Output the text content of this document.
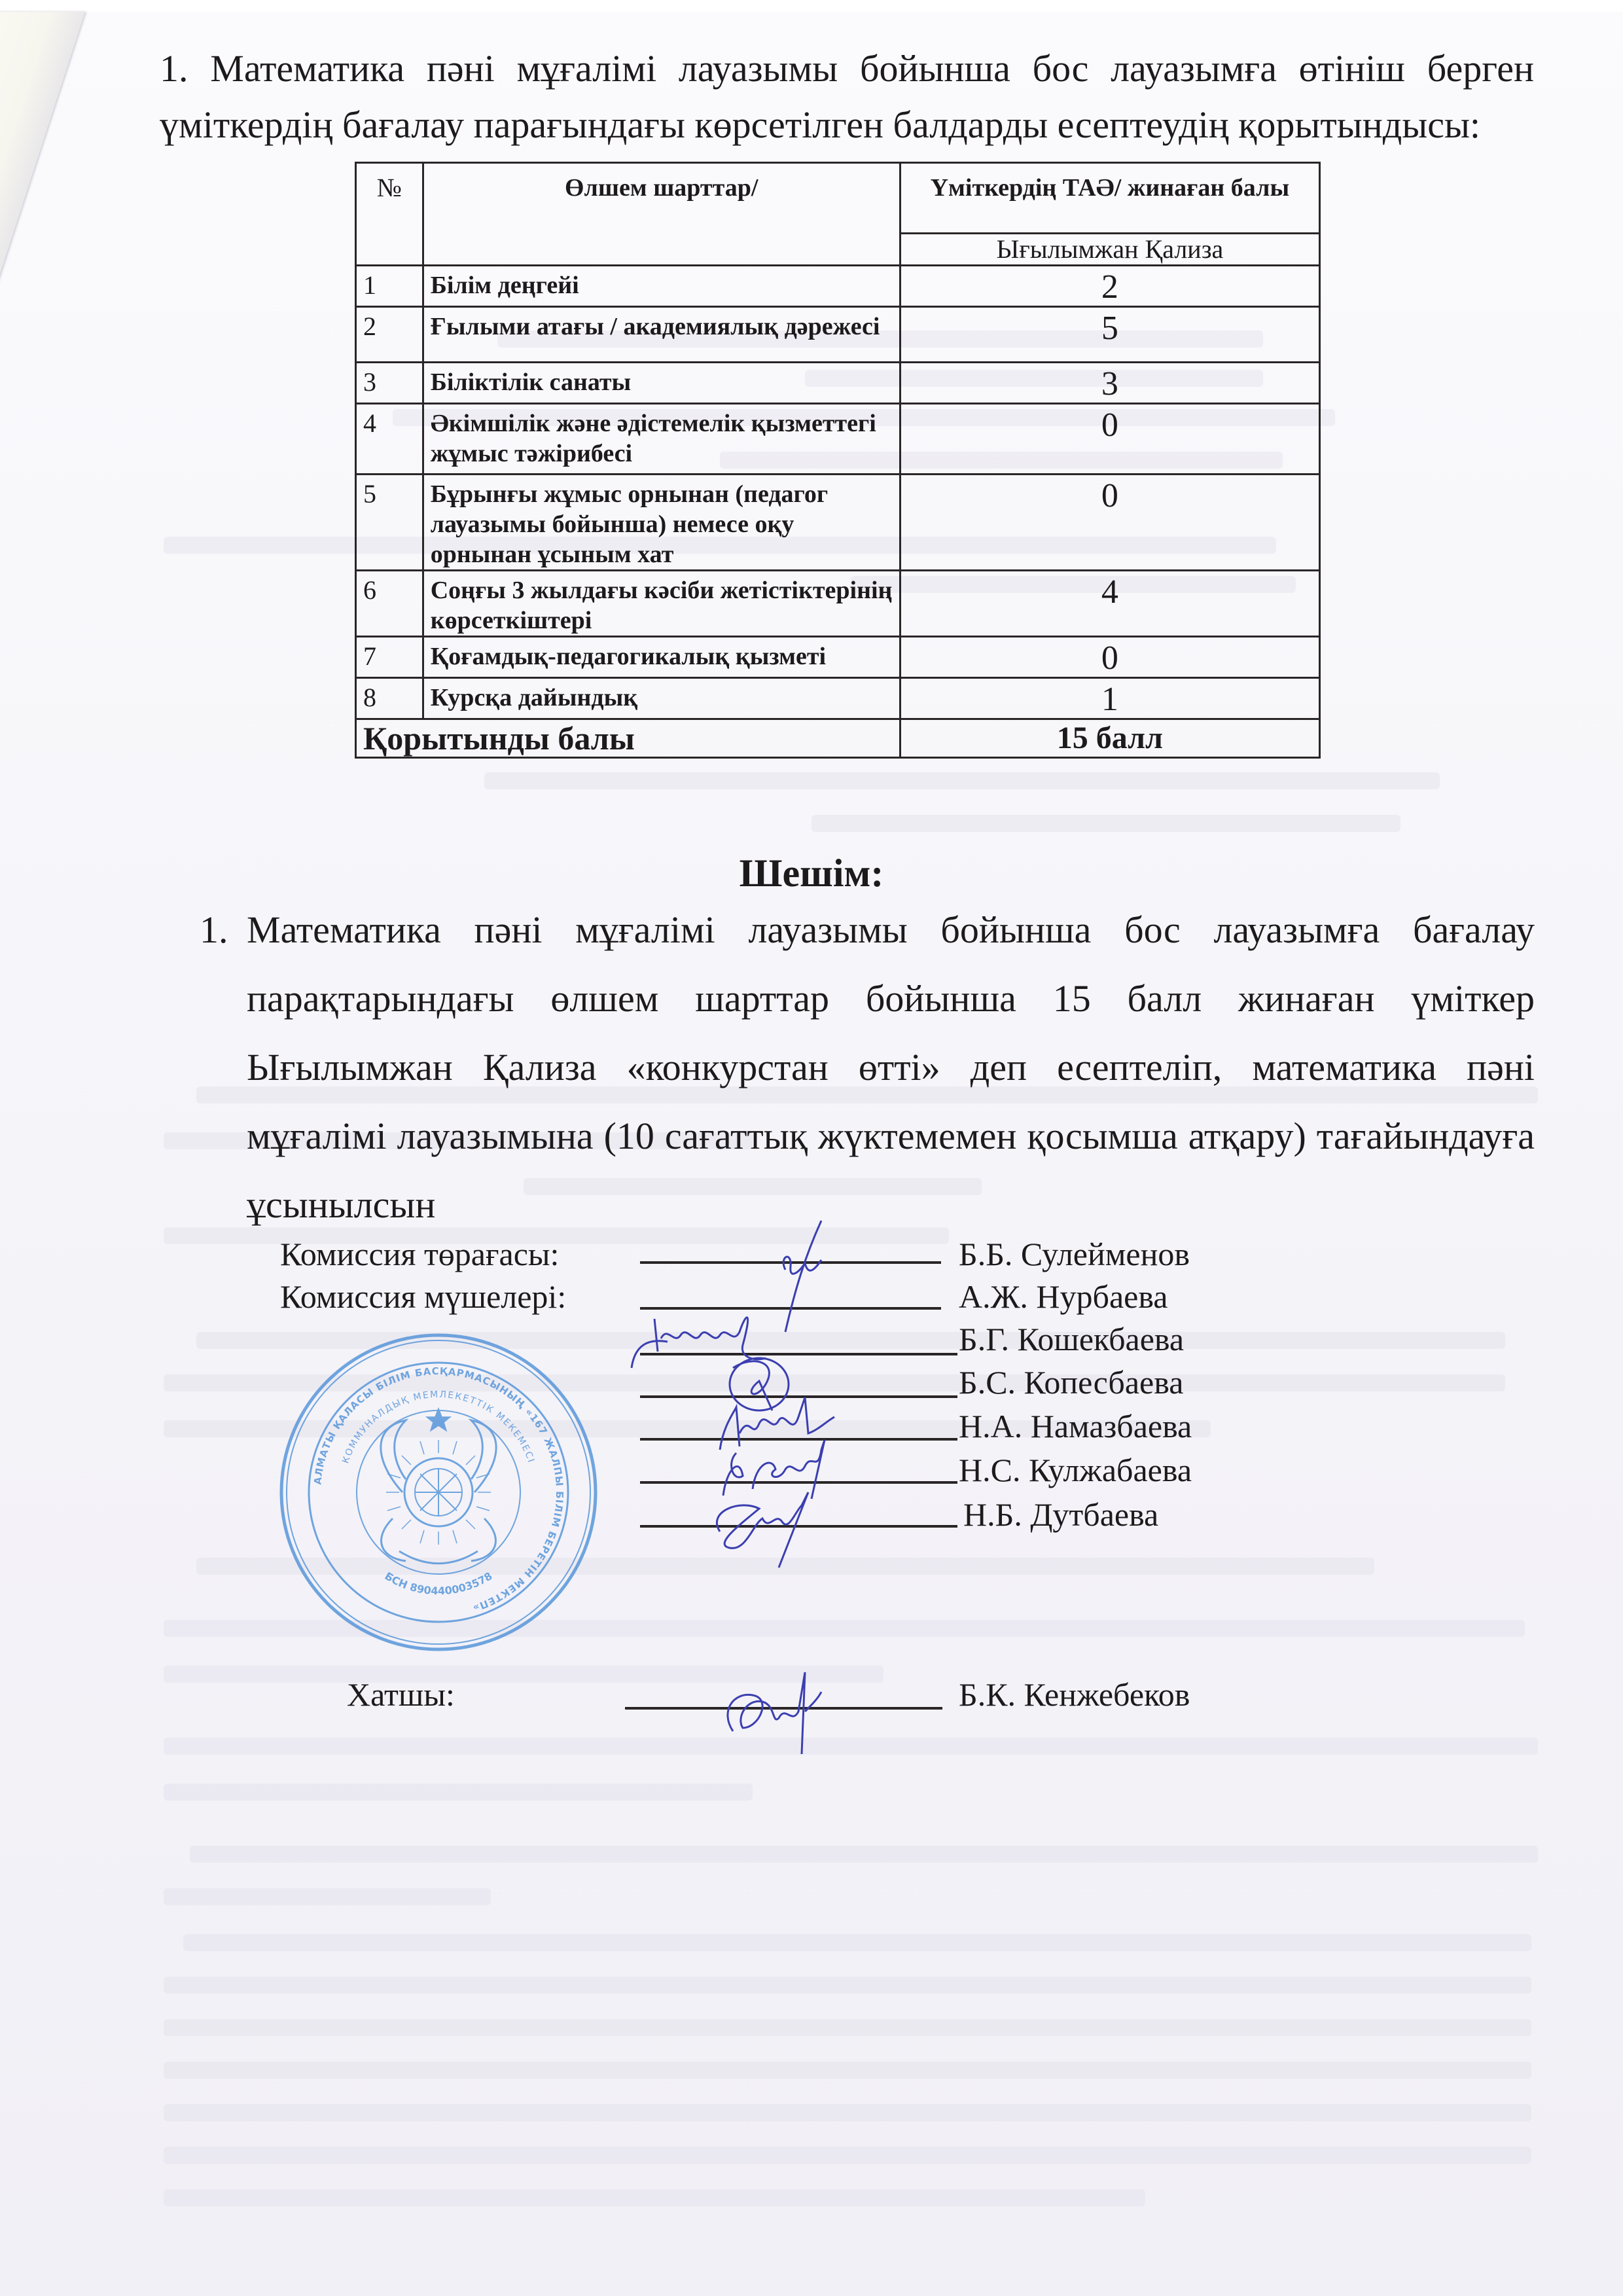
1. Математика пәні мұғалімі лауазымы бойынша бос лауазымға өтініш берген
үміткердің бағалау парағындағы көрсетілген балдарды есептеудің қорытындысы:
№	Өлшем шарттар/	Үміткердің ТАӘ/ жинаған балы
		Ығылымжан Қализа
1	Білім деңгейі	2
2	Ғылыми атағы / академиялық дәрежесі	5
3	Біліктілік санаты	3
4	Әкімшілік және әдістемелік қызметтегі жұмыс тәжірибесі	0
5	Бұрынғы жұмыс орнынан (педагог лауазымы бойынша) немесе оқу орнынан ұсыным хат	0
6	Соңғы 3 жылдағы кәсіби жетістіктерінің көрсеткіштері	4
7	Қоғамдық-педагогикалық қызметі	0
8	Курсқа дайындық	1
Қорытынды балы		15 балл
Шешім:
1. Математика пәні мұғалімі лауазымы бойынша бос лауазымға бағалау парақтарындағы өлшем шарттар бойынша 15 балл жинаған үміткер Ығылымжан Қализа «конкурстан өтті» деп есептеліп, математика пәні мұғалімі лауазымына (10 сағаттық жүктемемен қосымша атқару) тағайындауға ұсынылсын
АЛМАТЫ ҚАЛАСЫ БІЛІМ БАСҚАРМАСЫНЫҢ «167 ЖАЛПЫ БІЛІМ БЕРЕТІН МЕКТЕП»
КОММУНАЛДЫҚ МЕМЛЕКЕТТІК МЕКЕМЕСІ
БСН 890440003578
Комиссия төрағасы:
Комиссия мүшелері:
Хатшы:
Б.Б. Сулейменов
А.Ж. Нурбаева
Б.Г. Кошекбаева
Б.С. Копесбаева
Н.А. Намазбаева
Н.С. Кулжабаева
Н.Б. Дутбаева
Б.К. Кенжебеков
